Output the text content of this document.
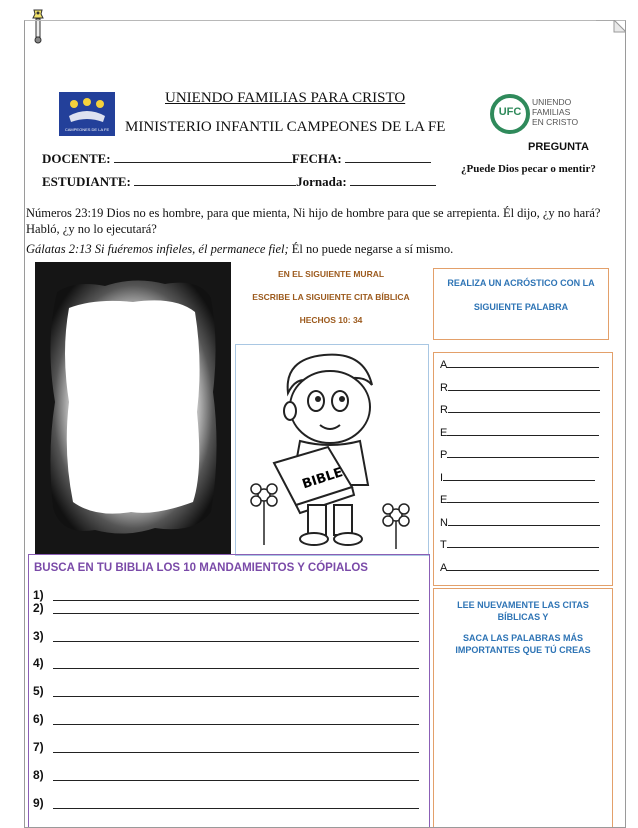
CAMPEONES DE LA FE
UNIENDO FAMILIAS PARA CRISTO
MINISTERIO INFANTIL CAMPEONES DE LA FE
UFC
UNIENDO
FAMILIAS
EN CRISTO
PREGUNTA
¿Puede Dios pecar o mentir?
DOCENTE:	FECHA:
ESTUDIANTE:	Jornada:
Números 23:19 Dios no es hombre, para que mienta, Ni hijo de hombre para que se arrepienta. Él dijo, ¿y no hará? Habló, ¿y no lo ejecutará?
Gálatas 2:13 Si fuéremos infieles, él permanece fiel; Él no puede negarse a sí mismo.
EN EL SIGUIENTE MURAL
ESCRIBE LA SIGUIENTE CITA BÍBLICA
HECHOS 10: 34
REALIZA UN ACRÓSTICO CON LA
SIGUIENTE PALABRA
BIBLE
A
R
R
E
P
I
E
N
T
A
BUSCA EN TU BIBLIA LOS 10 MANDAMIENTOS Y CÓPIALOS
1)
2)
3)
4)
5)
6)
7)
8)
9)
LEE NUEVAMENTE LAS CITAS
BÍBLICAS Y
SACA LAS PALABRAS MÁS
IMPORTANTES QUE TÚ CREAS
